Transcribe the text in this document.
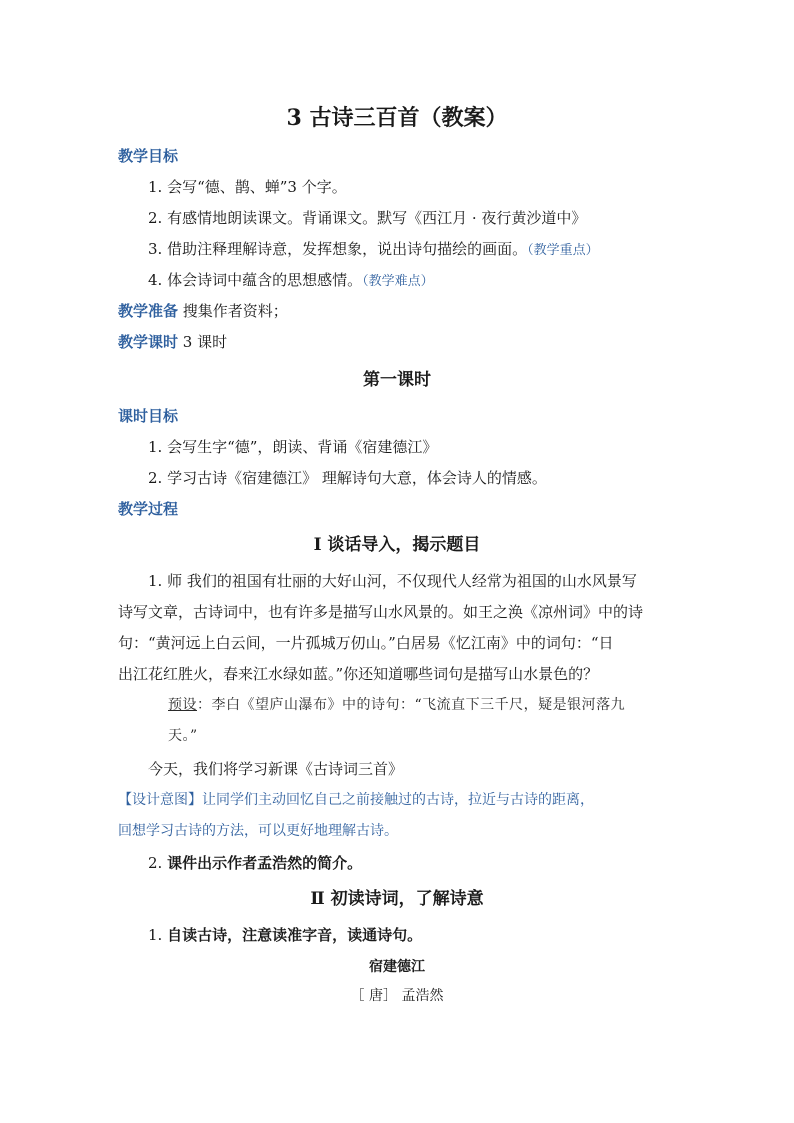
3 古诗三百首（教案）
教学目标
1. 会写“德、鹊、蝉”3 个字。
2. 有感情地朗读课文。背诵课文。默写《西江月 · 夜行黄沙道中》
3. 借助注释理解诗意，发挥想象，说出诗句描绘的画面。（教学重点）
4. 体会诗词中蕴含的思想感情。（教学难点）
教学准备 搜集作者资料；
教学课时 3 课时
第一课时
课时目标
1. 会写生字“德”，朗读、背诵《宿建德江》
2. 学习古诗《宿建德江》 理解诗句大意，体会诗人的情感。
教学过程
Ⅰ 谈话导入，揭示题目
1. 师 我们的祖国有壮丽的大好山河，不仅现代人经常为祖国的山水风景写
诗写文章，古诗词中，也有许多是描写山水风景的。如王之涣《凉州词》中的诗
句：“黄河远上白云间，一片孤城万仞山。”白居易《忆江南》中的词句：“日
出江花红胜火，春来江水绿如蓝。”你还知道哪些词句是描写山水景色的？
预设：李白《望庐山瀑布》中的诗句：“飞流直下三千尺，疑是银河落九
天。”
今天，我们将学习新课《古诗词三首》
【设计意图】让同学们主动回忆自己之前接触过的古诗，拉近与古诗的距离，
回想学习古诗的方法，可以更好地理解古诗。
2. 课件出示作者孟浩然的简介。
Ⅱ 初读诗词，了解诗意
1. 自读古诗，注意读准字音，读通诗句。
宿建德江
［ 唐］ 孟浩然
